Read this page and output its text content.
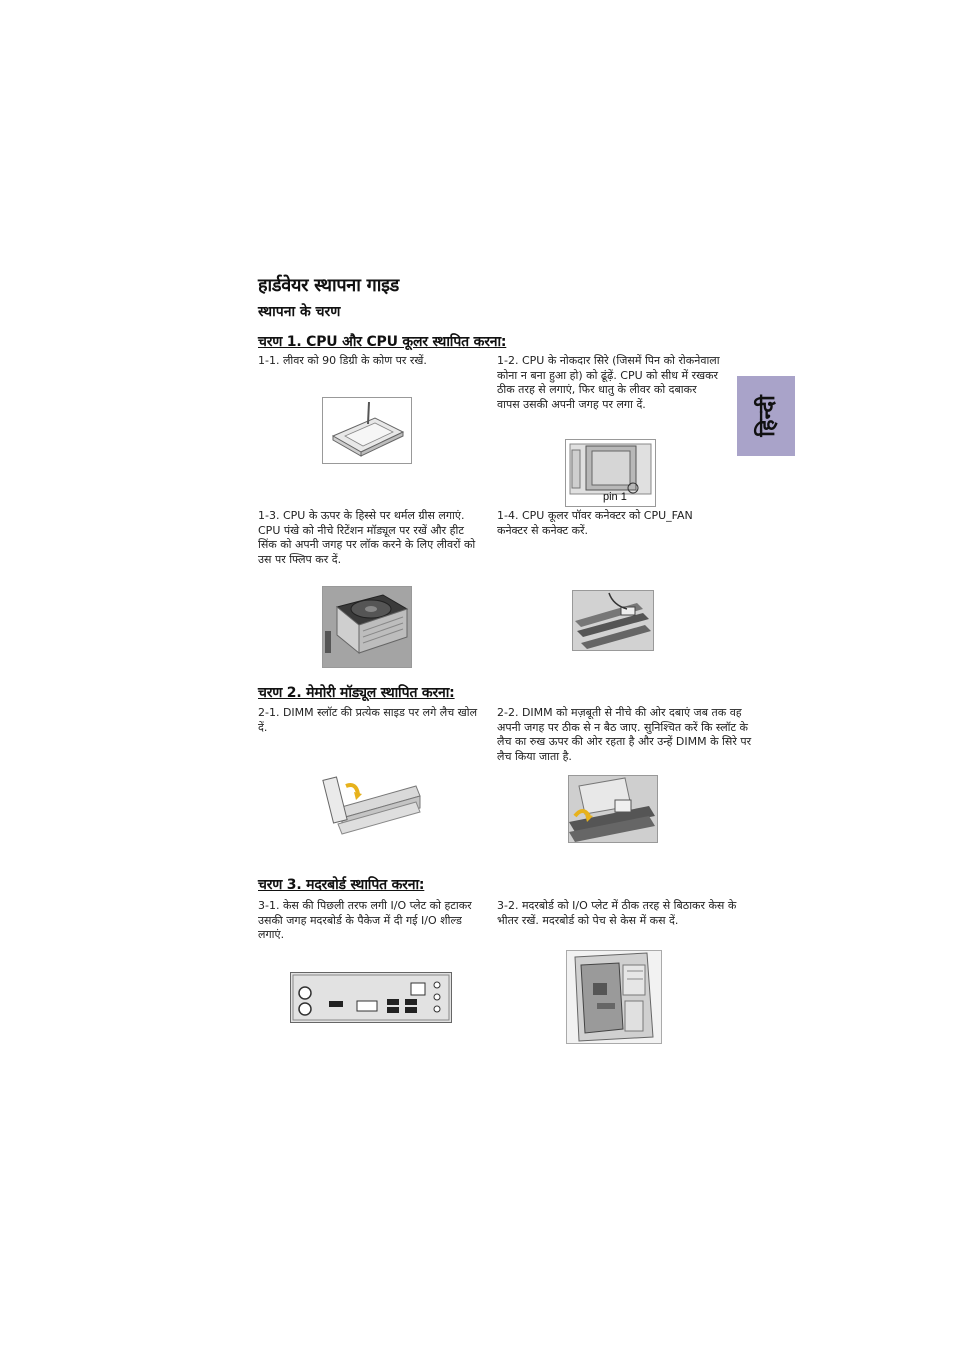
हार्डवेयर स्थापना गाइड
स्थापना के चरण
हिन्दी
चरण 1. CPU और CPU कूलर स्थापित करना:
1-1. लीवर को 90 डिग्री के कोण पर रखें.	1-2. CPU के नोकदार सिरे (जिसमें पिन को रोकनेवाला कोना न बना हुआ हो) को ढूंढ़ें. CPU को सीध में रखकर ठीक तरह से लगाएं, फिर धातु के लीवर को दबाकर वापस उसकी अपनी जगह पर लगा दें.
pin 1
1-3. CPU के ऊपर के हिस्से पर थर्मल ग्रीस लगाएं. CPU पंखे को नीचे रिटेंशन मॉड्यूल पर रखें और हीट सिंक को अपनी जगह पर लॉक करने के लिए लीवरों को उस पर फ्लिप कर दें.
1-4. CPU कूलर पॉवर कनेक्टर को CPU_FAN कनेक्टर से कनेक्ट करें.
चरण 2. मेमोरी मॉड्यूल स्थापित करना:
2-1. DIMM स्लॉट की प्रत्येक साइड पर लगे लैच खोल दें.
2-2. DIMM को मज़बूती से नीचे की ओर दबाएं जब तक वह अपनी जगह पर ठीक से न बैठ जाए. सुनिश्चित करें कि स्लॉट के लैच का रुख ऊपर की ओर रहता है और उन्हें DIMM के सिरे पर लैच किया जाता है.
चरण 3. मदरबोर्ड स्थापित करना:
3-1. केस की पिछली तरफ लगी I/O प्लेट को हटाकर उसकी जगह मदरबोर्ड के पैकेज में दी गई I/O शील्ड लगाएं.
3-2. मदरबोर्ड को I/O प्लेट में ठीक तरह से बिठाकर केस के भीतर रखें. मदरबोर्ड को पेच से केस में कस दें.
